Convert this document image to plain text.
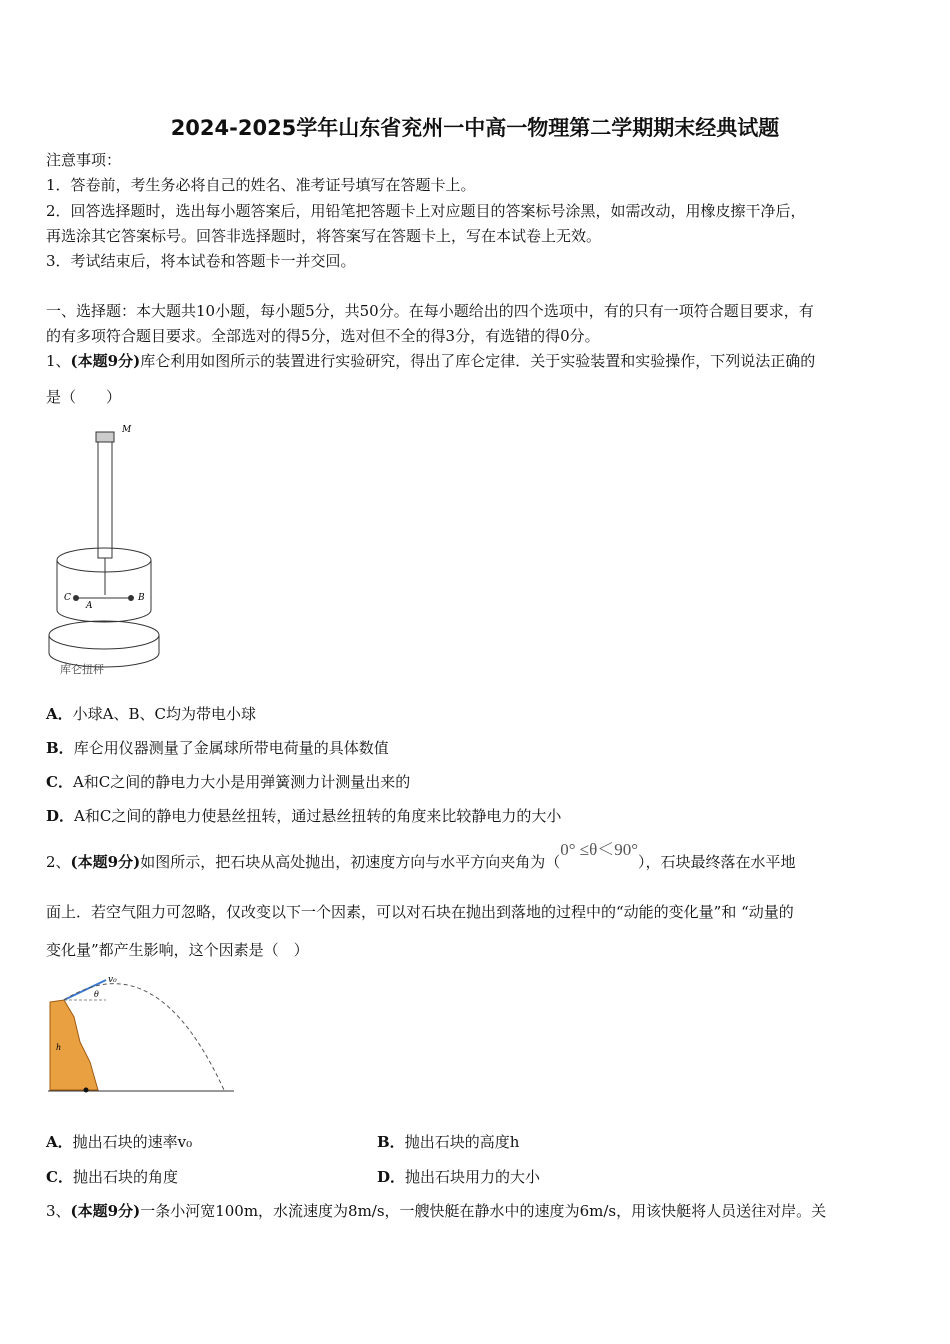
2024-2025学年山东省兖州一中高一物理第二学期期末经典试题
注意事项：
1．答卷前，考生务必将自己的姓名、准考证号填写在答题卡上。
2．回答选择题时，选出每小题答案后，用铅笔把答题卡上对应题目的答案标号涂黑，如需改动，用橡皮擦干净后，
再选涂其它答案标号。回答非选择题时，将答案写在答题卡上，写在本试卷上无效。
3．考试结束后，将本试卷和答题卡一并交回。
一、选择题：本大题共10小题，每小题5分，共50分。在每小题给出的四个选项中，有的只有一项符合题目要求，有
的有多项符合题目要求。全部选对的得5分，选对但不全的得3分，有选错的得0分。
1、(本题9分)库仑利用如图所示的装置进行实验研究，得出了库仑定律．关于实验装置和实验操作，下列说法正确的
是（　　）
M
C
A
B
库仑扭秤
A．小球A、B、C均为带电小球
B．库仑用仪器测量了金属球所带电荷量的具体数值
C．A和C之间的静电力大小是用弹簧测力计测量出来的
D．A和C之间的静电力使悬丝扭转，通过悬丝扭转的角度来比较静电力的大小
2、(本题9分)如图所示，把石块从高处抛出，初速度方向与水平方向夹角为（0° ≤θ＜90°），石块最终落在水平地
面上．若空气阻力可忽略，仅改变以下一个因素，可以对石块在抛出到落地的过程中的“动能的变化量”和 “动量的
变化量”都产生影响，这个因素是（　）
v₀
θ
h
A．抛出石块的速率v₀	B．抛出石块的高度h
C．抛出石块的角度	D．抛出石块用力的大小
3、(本题9分)一条小河宽100m，水流速度为8m/s，一艘快艇在静水中的速度为6m/s，用该快艇将人员送往对岸。关
